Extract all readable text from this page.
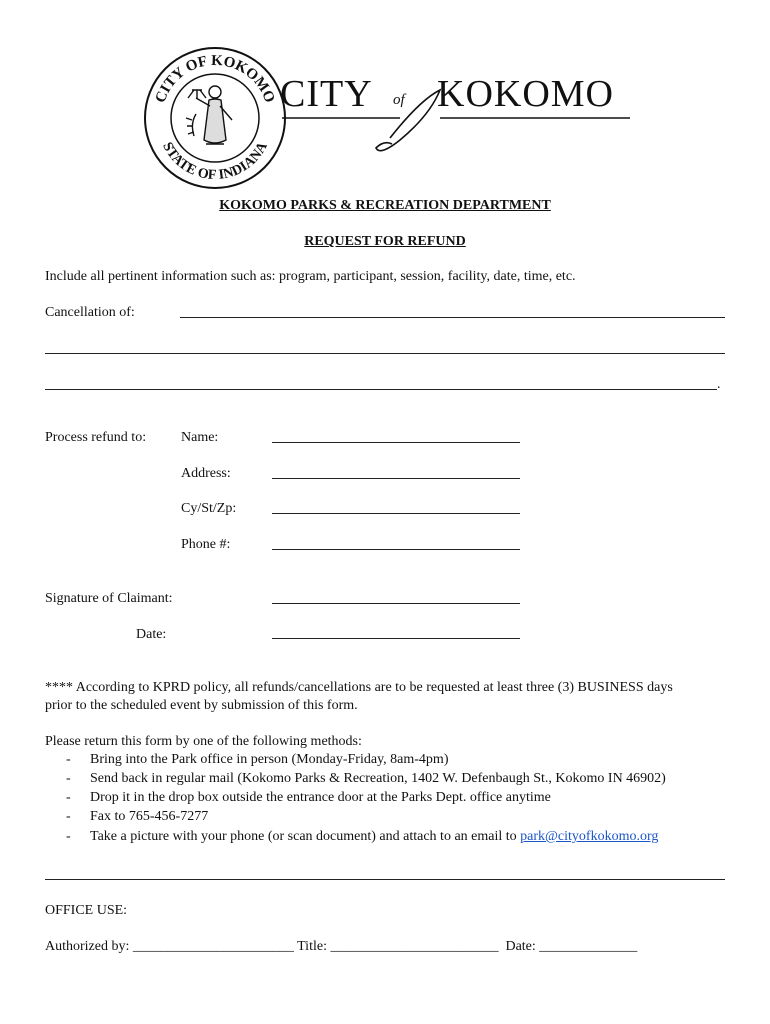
CITY OF KOKOMO
STATE OF INDIANA
CITY of KOKOMO
KOKOMO PARKS & RECREATION DEPARTMENT
REQUEST FOR REFUND
Include all pertinent information such as: program, participant, session, facility, date, time, etc.
Cancellation of:
.
Process refund to: Name:
Address:
Cy/St/Zp:
Phone #:
Signature of Claimant:
Date:
**** According to KPRD policy, all refunds/cancellations are to be requested at least three (3) BUSINESS days
prior to the scheduled event by submission of this form.
Please return this form by one of the following methods:
- Bring into the Park office in person (Monday-Friday, 8am-4pm)
- Send back in regular mail (Kokomo Parks & Recreation, 1402 W. Defenbaugh St., Kokomo IN 46902)
- Drop it in the drop box outside the entrance door at the Parks Dept. office anytime
- Fax to 765-456-7277
- Take a picture with your phone (or scan document) and attach to an email to park@cityofkokomo.org
OFFICE USE:
Authorized by: _______________________ Title: ________________________ Date: ______________
